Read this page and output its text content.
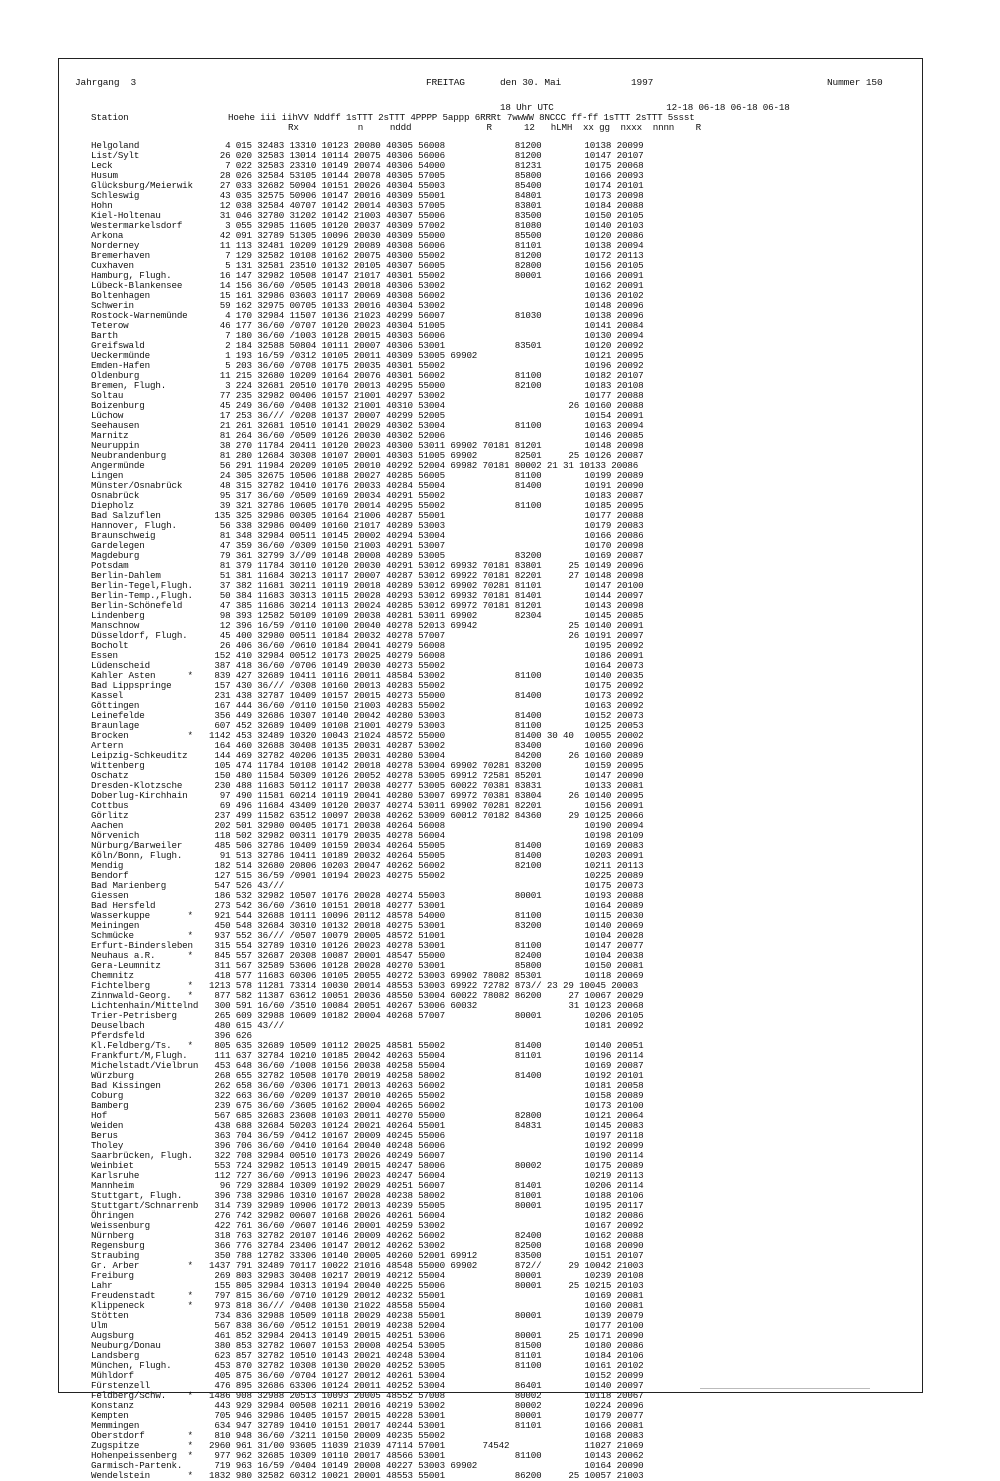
Jahrgang  3	FREITAG	den 30. Mai	1997	Nummer 150
18 Uhr UTC                     12-18 06-18 06-18 06-18
Station	Hoehe iii iihVV Nddff 1sTTT 2sTTT 4PPPP 5appp 6RRRt 7wwWW 8NCCC ff-ff 1sTTT 2sTTT 5ssst
Rx           n     nddd              R      12   hLMH  xx gg  nxxx  nnnn    R
Helgoland                4 015 32483 13310 10123 20080 40305 56008             81200        10138 20099
List/Sylt               26 020 32583 13014 10114 20075 40306 56006             81200        10147 20107
Leck                     7 022 32583 23310 10149 20074 40306 54000             81231        10175 20068
Husum                   28 026 32584 53105 10144 20078 40305 57005             85800        10166 20093
Glücksburg/Meierwik     27 033 32682 50904 10151 20026 40304 55003             85400        10174 20101
Schleswig               43 035 32575 50906 10147 20016 40309 55001             84801        10173 20098
Hohn                    12 038 32584 40707 10142 20014 40303 57005             83801        10184 20088
Kiel-Holtenau           31 046 32780 31202 10142 21003 40307 55006             83500        10150 20105
Westermarkelsdorf        3 055 32985 11605 10120 20037 40309 57002             81080        10140 20103
Arkona                  42 091 32789 51305 10096 20030 40309 55000             85500        10120 20086
Norderney               11 113 32481 10209 10129 20089 40308 56006             81101        10138 20094
Bremerhaven              7 129 32582 10108 10162 20075 40300 55002             81200        10172 20113
Cuxhaven                 5 131 32581 23510 10132 20105 40307 56005             82800        10156 20105
Hamburg, Flugh.         16 147 32982 10508 10147 21017 40301 55002             80001        10166 20091
Lübeck-Blankensee       14 156 36/60 /0505 10143 20018 40306 53002                          10162 20091
Boltenhagen             15 161 32986 03603 10117 20069 40308 56002                          10136 20102
Schwerin                59 162 32975 00705 10133 20016 40304 53002                          10148 20096
Rostock-Warnemünde       4 170 32984 11507 10136 21023 40299 56007             81030        10138 20096
Teterow                 46 177 36/60 /0707 10120 20023 40304 51005                          10141 20084
Barth                    7 180 36/60 /1003 10128 20015 40303 56006                          10130 20094
Greifswald               2 184 32588 50804 10111 20007 40306 53001             83501        10120 20092
Ueckermünde              1 193 16/59 /0312 10105 20011 40309 53005 69902                    10121 20095
Emden-Hafen              5 203 36/60 /0708 10175 20035 40301 55002                          10196 20092
Oldenburg               11 215 32680 10209 10164 20076 40301 56002             81100        10182 20107
Bremen, Flugh.           3 224 32681 20510 10170 20013 40295 55000             82100        10183 20108
Soltau                  77 235 32982 00406 10157 21001 40297 53002                          10177 20088
Boizenburg              45 249 36/60 /0408 10132 21001 40310 53004                       26 10160 20088
Lüchow                  17 253 36/// /0208 10137 20007 40299 52005                          10154 20091
Seehausen               21 261 32681 10510 10141 20029 40302 53004             81100        10163 20094
Marnitz                 81 264 36/60 /0509 10126 20030 40302 52006                          10146 20085
Neuruppin               38 270 11784 20411 10120 20023 40300 53011 69902 70181 81201        10148 20098
Neubrandenburg          81 280 12684 30308 10107 20001 40303 51005 69902       82501     25 10126 20087
Angermünde              56 291 11984 20209 10105 20010 40292 52004 69982 70181 80002 21 31 10133 20086
Lingen                  24 305 32675 10506 10188 20027 40285 56005             81100        10199 20089
Münster/Osnabrück       48 315 32782 10410 10176 20033 40284 55004             81400        10191 20090
Osnabrück               95 317 36/60 /0509 10169 20034 40291 55002                          10183 20087
Diepholz                39 321 32786 10605 10170 20014 40295 55002             81100        10185 20095
Bad Salzuflen          135 325 32986 00305 10164 21006 40287 55001                          10177 20088
Hannover, Flugh.        56 338 32986 00409 10160 21017 40289 53003                          10179 20083
Braunschweig            81 348 32984 00511 10145 20002 40294 53004                          10166 20086
Gardelegen              47 359 36/60 /0309 10150 21003 40291 53007                          10170 20098
Magdeburg               79 361 32799 3//09 10148 20008 40289 53005             83200        10169 20087
Potsdam                 81 379 11784 30110 10120 20030 40291 53012 69932 70181 83801     25 10149 20096
Berlin-Dahlem           51 381 11684 30213 10117 20007 40287 53012 69922 70181 82201     27 10148 20098
Berlin-Tegel,Flugh.     37 382 11681 30211 10119 20018 40289 53012 69902 70281 81101        10147 20100
Berlin-Temp.,Flugh.     50 384 11683 30313 10115 20028 40293 53012 69932 70181 81401        10144 20097
Berlin-Schönefeld       47 385 11686 30214 10113 20024 40285 53012 69972 70181 81201        10143 20098
Lindenberg              98 393 12582 50109 10109 20038 40281 53011 69902       82304        10145 20085
Manschnow               12 396 16/59 /0110 10100 20040 40278 52013 69942                 25 10140 20091
Düsseldorf, Flugh.      45 400 32980 00511 10184 20032 40278 57007                       26 10191 20097
Bocholt                 26 406 36/60 /0610 10184 20041 40279 56008                          10195 20092
Essen                  152 410 32984 00512 10173 20025 40279 56008                          10186 20091
Lüdenscheid            387 418 36/60 /0706 10149 20030 40273 55002                          10164 20073
Kahler Asten      *    839 427 32689 10411 10116 20011 48584 53002             81100        10140 20035
Bad Lippspringe        157 430 36/// /0308 10160 20013 40283 55002                          10175 20092
Kassel                 231 438 32787 10409 10157 20015 40273 55000             81400        10173 20092
Göttingen              167 444 36/60 /0110 10150 21003 40283 55002                          10163 20092
Leinefelde             356 449 32686 10307 10140 20042 40280 53003             81400        10152 20073
Braunlage              607 452 32689 10409 10108 21001 40279 53003             81100        10125 20053
Brocken           *   1142 453 32489 10320 10043 21024 48572 55000             81400 30 40  10055 20002
Artern                 164 460 32688 30408 10135 20031 40287 53002             83400        10160 20096
Leipzig-Schkeuditz     144 469 32782 40206 10135 20031 40280 53004             84200     26 10160 20089
Wittenberg             105 474 11784 10108 10142 20018 40278 53004 69902 70281 83200        10159 20095
Oschatz                150 480 11584 50309 10126 20052 40278 53005 69912 72581 85201        10147 20090
Dresden-Klotzsche      230 488 11683 50112 10117 20038 40277 53005 60022 70381 83831        10133 20081
Doberlug-Kirchhain      97 490 11581 60214 10119 20041 40280 53007 69972 70381 83804     26 10140 20095
Cottbus                 69 496 11684 43409 10120 20037 40274 53011 69902 70281 82201        10156 20091
Görlitz                237 499 11582 63512 10097 20038 40262 53009 60012 70182 84360     29 10125 20066
Aachen                 202 501 32980 00405 10171 20038 40264 56008                          10190 20094
Nörvenich              118 502 32982 00311 10179 20035 40278 56004                          10198 20109
Nürburg/Barweiler      485 506 32786 10409 10159 20034 40264 55005             81400        10169 20083
Köln/Bonn, Flugh.       91 513 32786 10411 10189 20032 40264 55005             81400        10203 20091
Mendig                 182 514 32680 20806 10203 20047 40262 56002             82100        10211 20113
Bendorf                127 515 36/59 /0901 10194 20023 40275 55002                          10225 20089
Bad Marienberg         547 526 43///                                                        10175 20073
Giessen                186 532 32982 10507 10176 20028 40274 55003             80001        10193 20088
Bad Hersfeld           273 542 36/60 /3610 10151 20018 40277 53001                          10164 20089
Wasserkuppe       *    921 544 32688 10111 10096 20112 48578 54000             81100        10115 20030
Meiningen              450 548 32684 30310 10132 20018 40275 53001             83200        10140 20069
Schmücke          *    937 552 36/// /0507 10079 20005 48572 51001                          10104 20028
Erfurt-Bindersleben    315 554 32789 10310 10126 20023 40278 53001             81100        10147 20077
Neuhaus a.R.      *    845 557 32687 20308 10087 20001 48547 55000             82400        10104 20038
Gera-Leumnitz          311 567 32589 53606 10128 20028 40270 53001             85800        10150 20081
Chemnitz               418 577 11683 60306 10105 20055 40272 53003 69902 78082 85301        10118 20069
Fichtelberg       *   1213 578 11281 73314 10030 20014 48553 53003 69922 72782 873// 23 29 10045 20003
Zinnwald-Georg.   *    877 582 11387 63612 10051 20036 48550 53004 60022 78082 86200     27 10067 20029
Lichtenhain/Mittelnd   300 591 16/60 /3510 10084 20051 40267 53006 60032                 31 10123 20068
Trier-Petrisberg       265 609 32988 10609 10182 20004 40268 57007             80001        10206 20105
Deuselbach             480 615 43///                                                        10181 20092
Pferdsfeld             396 626
Kl.Feldberg/Ts.   *    805 635 32689 10509 10112 20025 48581 55002             81400        10140 20051
Frankfurt/M,Flugh.     111 637 32784 10210 10185 20042 40263 55004             81101        10196 20114
Michelstadt/Vielbrun   453 648 36/60 /1008 10156 20038 40258 55004                          10169 20087
Würzburg               268 655 32782 10508 10170 20019 40258 58002             81400        10192 20101
Bad Kissingen          262 658 36/60 /0306 10171 20013 40263 56002                          10181 20058
Coburg                 322 663 36/60 /0209 10137 20010 40265 55002                          10158 20089
Bamberg                239 675 36/60 /3605 10162 20004 40265 56002                          10173 20100
Hof                    567 685 32683 23608 10103 20011 40270 55000             82800        10121 20064
Weiden                 438 688 32684 50203 10124 20021 40264 55001             84831        10145 20083
Berus                  363 704 36/59 /0412 10167 20009 40245 55006                          10197 20118
Tholey                 396 706 36/60 /0410 10164 20040 40248 56006                          10192 20099
Saarbrücken, Flugh.    322 708 32984 00510 10173 20026 40249 56007                          10190 20114
Weinbiet               553 724 32982 10513 10149 20015 40247 58006             80002        10175 20089
Karlsruhe              112 727 36/60 /0913 10196 20023 40247 56004                          10219 20113
Mannheim                96 729 32884 10309 10192 20029 40251 56007             81401        10206 20114
Stuttgart, Flugh.      396 738 32986 10310 10167 20028 40238 58002             81001        10188 20106
Stuttgart/Schnarrenb   314 739 32989 10906 10172 20013 40239 55005             80001        10195 20117
Öhringen               276 742 32982 00607 10168 20026 40261 56004                          10182 20086
Weissenburg            422 761 36/60 /0607 10146 20001 40259 53002                          10167 20092
Nürnberg               318 763 32782 20107 10146 20009 40262 56002             82400        10162 20088
Regensburg             366 776 32784 23406 10147 20012 40262 53002             82500        10168 20090
Straubing              350 788 12782 33306 10140 20005 40260 52001 69912       83500        10151 20107
Gr. Arber         *   1437 791 32489 70117 10022 21016 48548 55000 69902       872//     29 10042 21003
Freiburg               269 803 32983 30408 10217 20019 40212 55004             80001        10239 20108
Lahr                   155 805 32984 10313 10194 20040 40225 55006             80001     25 10215 20103
Freudenstadt      *    797 815 36/60 /0710 10129 20012 40232 55001                          10169 20081
Klippeneck        *    973 818 36/// /0408 10130 21022 48558 55004                          10160 20081
Stötten                734 836 32988 10509 10118 20029 40238 55001             80001        10139 20079
Ulm                    567 838 36/60 /0512 10151 20019 40238 52004                          10177 20100
Augsburg               461 852 32984 20413 10149 20015 40251 53006             80001     25 10171 20090
Neuburg/Donau          380 853 32782 10607 10153 20008 40254 53005             81500        10180 20086
Landsberg              623 857 32782 10510 10143 20021 40248 53004             81101        10184 20106
München, Flugh.        453 870 32782 10308 10130 20020 40252 53005             81100        10161 20102
Mühldorf               405 875 36/60 /0704 10127 20012 40261 53004                          10152 20099
Fürstenzell            476 895 32686 63306 10124 20011 40252 53004             86401        10140 20097
Feldberg/Schw.    *   1486 908 32988 20513 10093 20005 48552 57008             80002        10118 20067
Konstanz               443 929 32984 00508 10211 20016 40219 53002             80002        10224 20096
Kempten                705 946 32986 10405 10157 20015 40228 53001             80001        10179 20077
Memmingen              634 947 32789 10410 10151 20017 40244 53001             81101        10166 20081
Oberstdorf        *    810 948 36/60 /3211 10150 20009 40235 55002                          10168 20083
Zugspitze         *   2960 961 31/00 93605 11039 21039 47114 57001       74542              11027 21069
Hohenpeissenberg  *    977 962 32685 10309 10110 20017 48566 53001             81100        10143 20062
Garmisch-Partenk.      719 963 16/59 /0404 10149 20008 40227 53003 69902                    10164 20090
Wendelstein       *   1832 980 32582 60312 10021 20001 48553 55001             86200     25 10057 21003
